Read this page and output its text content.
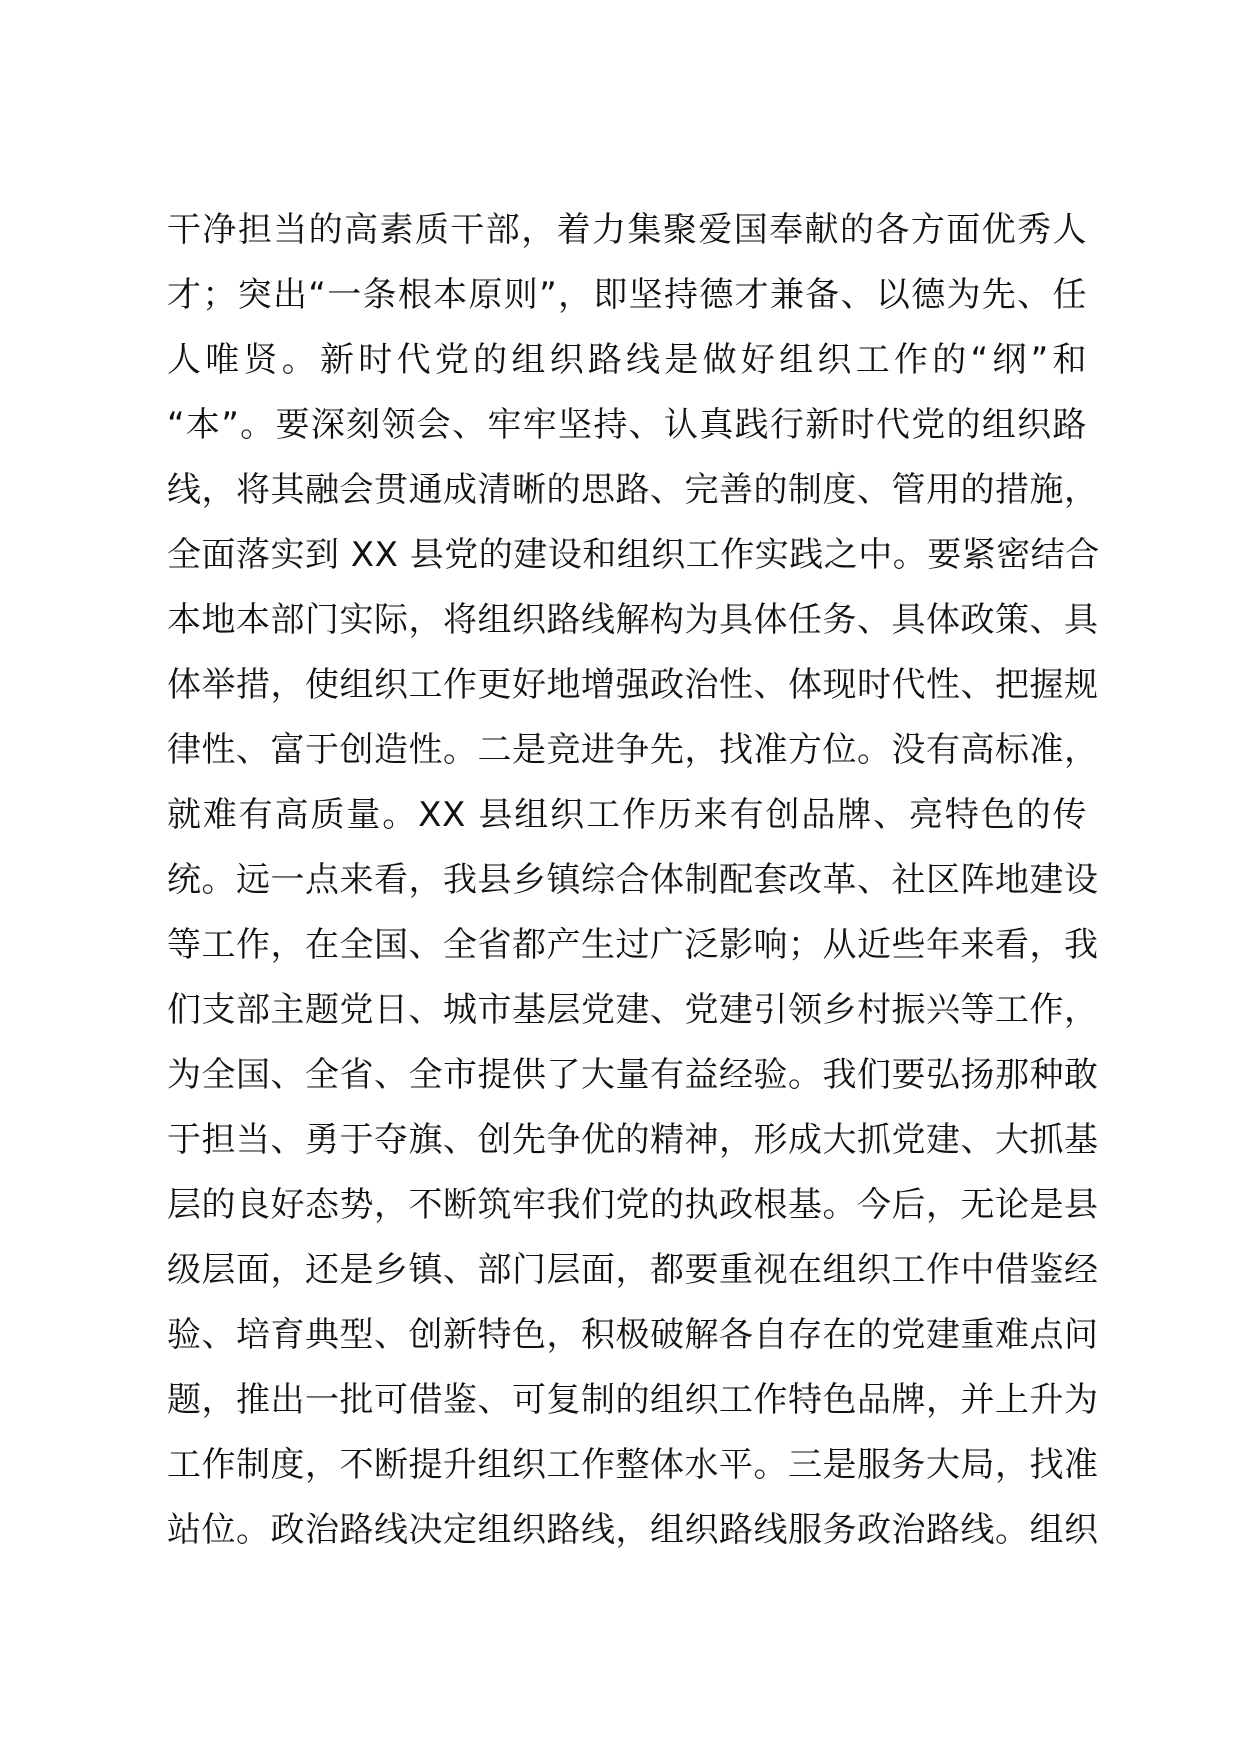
干净担当的高素质干部，着力集聚爱国奉献的各方面优秀人
才；突出“一条根本原则”，即坚持德才兼备、以德为先、任
人唯贤。新时代党的组织路线是做好组织工作的“纲”和
“本”。要深刻领会、牢牢坚持、认真践行新时代党的组织路
线，将其融会贯通成清晰的思路、完善的制度、管用的措施，
全面落实到 XX 县党的建设和组织工作实践之中。要紧密结合
本地本部门实际，将组织路线解构为具体任务、具体政策、具
体举措，使组织工作更好地增强政治性、体现时代性、把握规
律性、富于创造性。二是竞进争先，找准方位。没有高标准，
就难有高质量。XX 县组织工作历来有创品牌、亮特色的传
统。远一点来看，我县乡镇综合体制配套改革、社区阵地建设
等工作，在全国、全省都产生过广泛影响；从近些年来看，我
们支部主题党日、城市基层党建、党建引领乡村振兴等工作，
为全国、全省、全市提供了大量有益经验。我们要弘扬那种敢
于担当、勇于夺旗、创先争优的精神，形成大抓党建、大抓基
层的良好态势，不断筑牢我们党的执政根基。今后，无论是县
级层面，还是乡镇、部门层面，都要重视在组织工作中借鉴经
验、培育典型、创新特色，积极破解各自存在的党建重难点问
题，推出一批可借鉴、可复制的组织工作特色品牌，并上升为
工作制度，不断提升组织工作整体水平。三是服务大局，找准
站位。政治路线决定组织路线，组织路线服务政治路线。组织
